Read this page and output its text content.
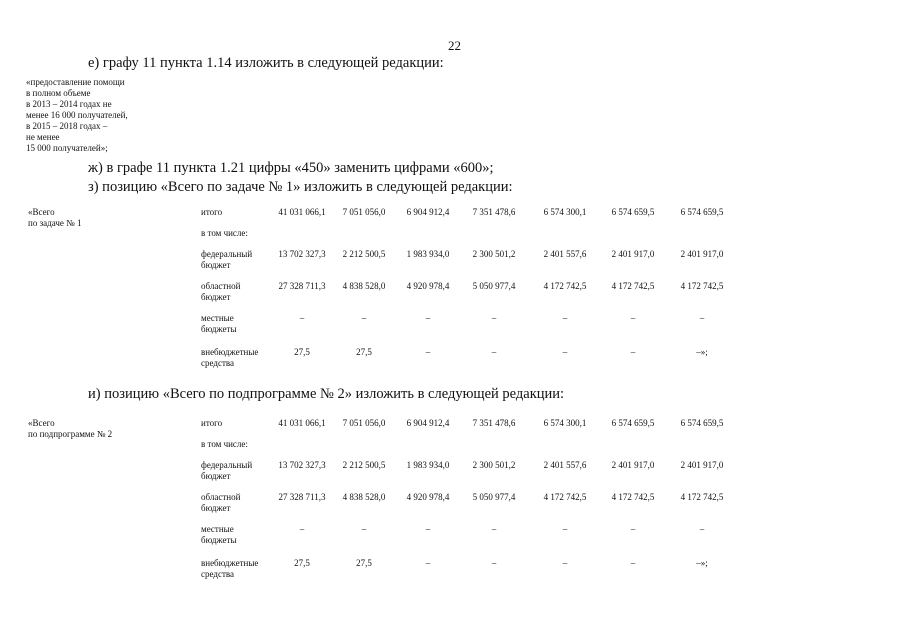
22
е) графу 11 пункта 1.14 изложить в следующей редакции:
«предоставление помощи
в полном объеме
в 2013 – 2014 годах не
менее 16 000 получателей,
в 2015 – 2018 годах –
не менее
15 000 получателей»;
ж) в графе 11 пункта 1.21 цифры «450» заменить цифрами «600»;
з) позицию «Всего по задаче № 1» изложить в следующей редакции:
«Всего
по задаче № 1
итого	41 031 066,1	7 051 056,0	6 904 912,4	7 351 478,6	6 574 300,1	6 574 659,5	6 574 659,5
в том числе:
федеральный
бюджет
13 702 327,3	2 212 500,5	1 983 934,0	2 300 501,2	2 401 557,6	2 401 917,0	2 401 917,0
областной
бюджет
27 328 711,3	4 838 528,0	4 920 978,4	5 050 977,4	4 172 742,5	4 172 742,5	4 172 742,5
местные
бюджеты
–	–	–	–	–	–	–
внебюджетные
средства
27,5	27,5	–	–	–	–	–»;
и) позицию «Всего по подпрограмме № 2» изложить в следующей редакции:
«Всего
по подпрограмме № 2
итого	41 031 066,1	7 051 056,0	6 904 912,4	7 351 478,6	6 574 300,1	6 574 659,5	6 574 659,5
в том числе:
федеральный
бюджет
13 702 327,3	2 212 500,5	1 983 934,0	2 300 501,2	2 401 557,6	2 401 917,0	2 401 917,0
областной
бюджет
27 328 711,3	4 838 528,0	4 920 978,4	5 050 977,4	4 172 742,5	4 172 742,5	4 172 742,5
местные
бюджеты
–	–	–	–	–	–	–
внебюджетные
средства
27,5	27,5	–	–	–	–	–»;
